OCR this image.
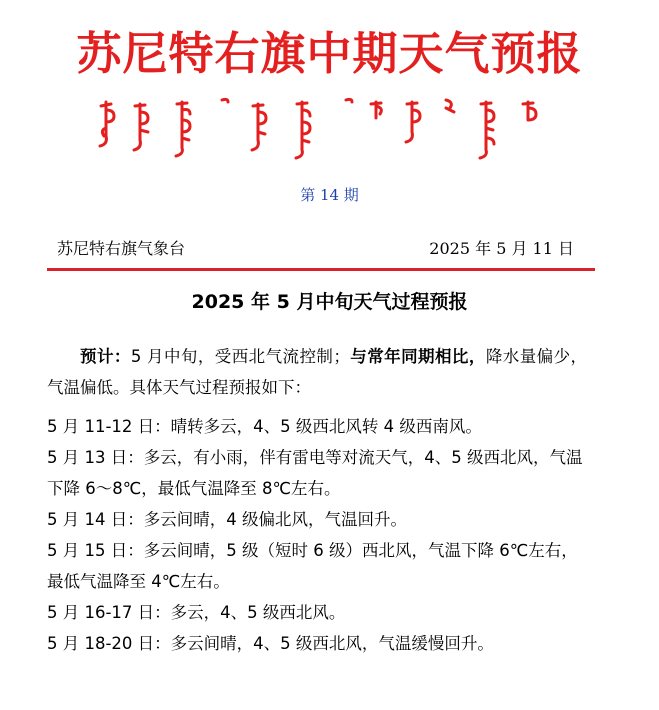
苏尼特右旗中期天气预报
第 14 期
苏尼特右旗气象台	2025 年 5 月 11 日
2025 年 5 月中旬天气过程预报

预计：5 月中旬，受西北气流控制；与常年同期相比，降水量偏少，气温偏低。具体天气过程预报如下：

5 月 11-12 日：晴转多云，4、5 级西北风转 4 级西南风。

5 月 13 日：多云，有小雨，伴有雷电等对流天气，4、5 级西北风，气温下降 6～8℃，最低气温降至 8℃左右。

5 月 14 日：多云间晴，4 级偏北风，气温回升。

5 月 15 日：多云间晴，5 级（短时 6 级）西北风，气温下降 6℃左右，最低气温降至 4℃左右。

5 月 16-17 日：多云，4、5 级西北风。

5 月 18-20 日：多云间晴，4、5 级西北风，气温缓慢回升。
